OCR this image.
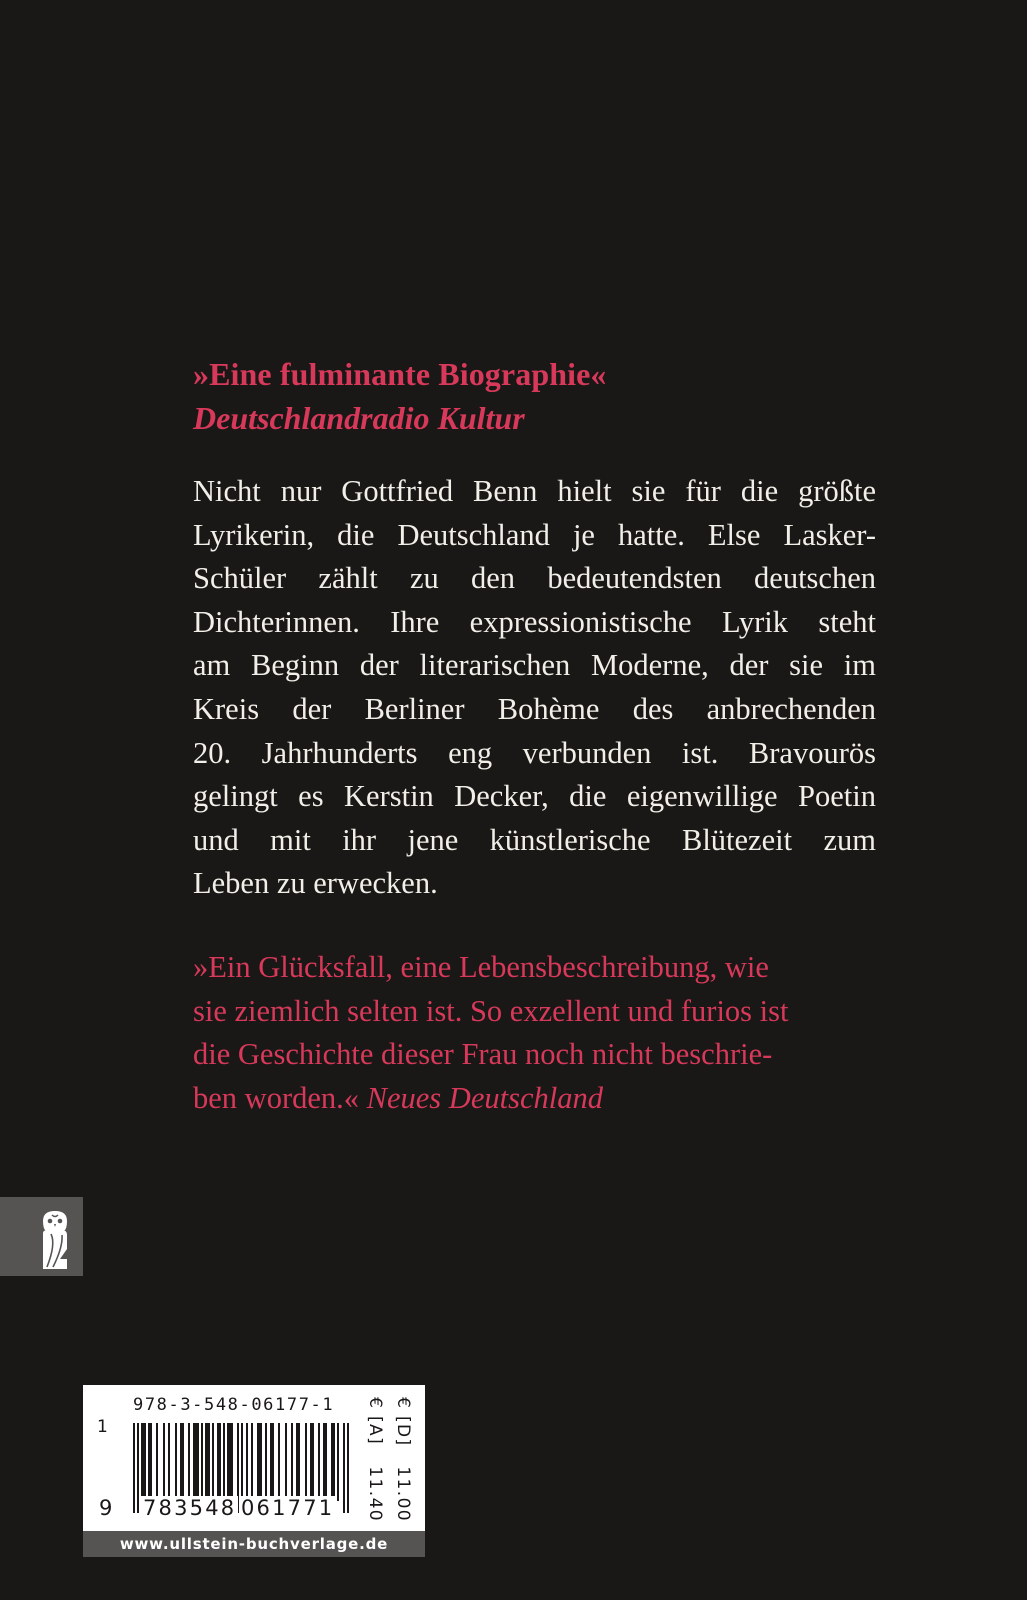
»Eine fulminante Biographie«
Deutschlandradio Kultur
Nicht nur Gottfried Benn hielt sie für die größte
Lyrikerin, die Deutschland je hatte. Else Lasker-
Schüler zählt zu den bedeutendsten deutschen
Dichterinnen. Ihre expressionistische Lyrik steht
am Beginn der literarischen Moderne, der sie im
Kreis der Berliner Bohème des anbrechenden
20. Jahrhunderts eng verbunden ist. Bravourös
gelingt es Kerstin Decker, die eigenwillige Poetin
und mit ihr jene künstlerische Blütezeit zum
Leben zu erwecken.
»Ein Glücksfall, eine Lebensbeschreibung, wie
sie ziemlich selten ist. So exzellent und furios ist
die Geschichte dieser Frau noch nicht beschrie-
ben worden.« Neues Deutschland
978-3-548-06177-1
1
9 783548 061771
€ [A]
11.40
€ [D]
11.00
www.ullstein-buchverlage.de
